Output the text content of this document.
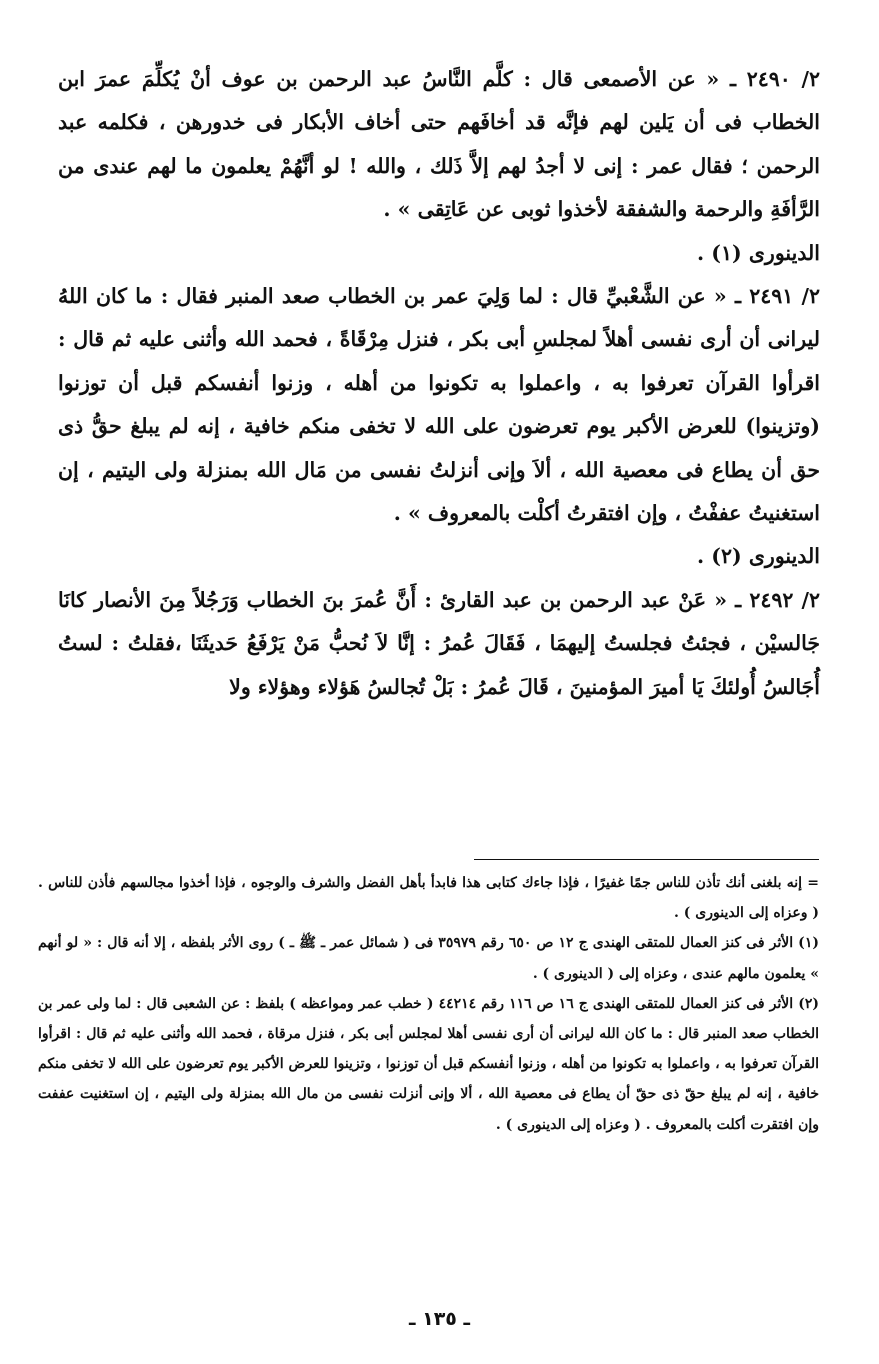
٢/ ٢٤٩٠ ـ « عن الأصمعى قال : كلَّم النَّاسُ عبد الرحمن بن عوف أنْ يُكلِّمَ عمرَ ابن الخطاب فى أن يَلين لهم فإنَّه قد أخافَهم حتى أخاف الأبكار فى خدورهن ، فكلمه عبد الرحمن ؛ فقال عمر : إنى لا أجدُ لهم إلاَّ ذَلك ، والله ! لو أنَّهُمْ يعلمون ما لهم عندى من الرَّأفَةِ والرحمة والشفقة لأخذوا ثوبى عن عَاتِقى » .

الدينورى (١) .

٢/ ٢٤٩١ ـ « عن الشَّعْبيِّ قال : لما وَلِيَ عمر بن الخطاب صعد المنبر فقال : ما كان اللهُ ليرانى أن أرى نفسى أهلاً لمجلسِ أبى بكر ، فنزل مِرْقَاةً ، فحمد الله وأثنى عليه ثم قال : اقرأوا القرآن تعرفوا به ، واعملوا به تكونوا من أهله ، وزنوا أنفسكم قبل أن توزنوا (وتزينوا) للعرض الأكبر يوم تعرضون على الله لا تخفى منكم خافية ، إنه لم يبلغ حقُّ ذى حق أن يطاع فى معصية الله ، ألاَ وإنى أنزلتُ نفسى من مَال الله بمنزلة ولى اليتيم ، إن استغنيتُ عففْتُ ، وإن افتقرتُ أكلْت بالمعروف » .

الدينورى (٢) .

٢/ ٢٤٩٢ ـ « عَنْ عبد الرحمن بن عبد القارئ : أَنَّ عُمرَ بنَ الخطاب وَرَجُلاً مِنَ الأنصار كانَا جَالسيْن ، فجئتُ فجلستُ إليهمَا ، فَقَالَ عُمرُ : إنَّا لاَ نُحبُّ مَنْ يَرْفَعُ حَديثَنَا ،فقلتُ : لستُ أُجَالسُ أُولئكَ يَا أميرَ المؤمنينَ ، قَالَ عُمرُ : بَلْ تُجالسُ هَؤلاء وهؤلاء ولا

= إنه بلغنى أنك تأذن للناس جمًا غفيرًا ، فإذا جاءك كتابى هذا فابدأ بأهل الفضل والشرف والوجوه ، فإذا أخذوا مجالسهم فأذن للناس . ( وعزاه إلى الدينورى ) .

(١) الأثر فى كنز العمال للمتقى الهندى ج ١٢ ص ٦٥٠ رقم ٣٥٩٧٩ فى ( شمائل عمر ـ ﷺ ـ ) روى الأثر بلفظه ، إلا أنه قال : « لو أنهم » يعلمون مالهم عندى ، وعزاه إلى ( الدينورى ) .

(٢) الأثر فى كنز العمال للمتقى الهندى ج ١٦ ص ١١٦ رقم ٤٤٢١٤ ( خطب عمر ومواعظه ) بلفظ : عن الشعبى قال : لما ولى عمر بن الخطاب صعد المنبر قال : ما كان الله ليرانى أن أرى نفسى أهلا لمجلس أبى بكر ، فنزل مرقاة ، فحمد الله وأثنى عليه ثم قال : اقرأوا القرآن تعرفوا به ، واعملوا به تكونوا من أهله ، وزنوا أنفسكم قبل أن توزنوا ، وتزينوا للعرض الأكبر يوم تعرضون على الله لا تخفى منكم خافية ، إنه لم يبلغ حقّ ذى حقّ أن يطاع فى معصية الله ، ألا وإنى أنزلت نفسى من مال الله بمنزلة ولى اليتيم ، إن استغنيت عففت وإن افتقرت أكلت بالمعروف . ( وعزاه إلى الدينورى ) .

ـ ١٣٥ ـ
